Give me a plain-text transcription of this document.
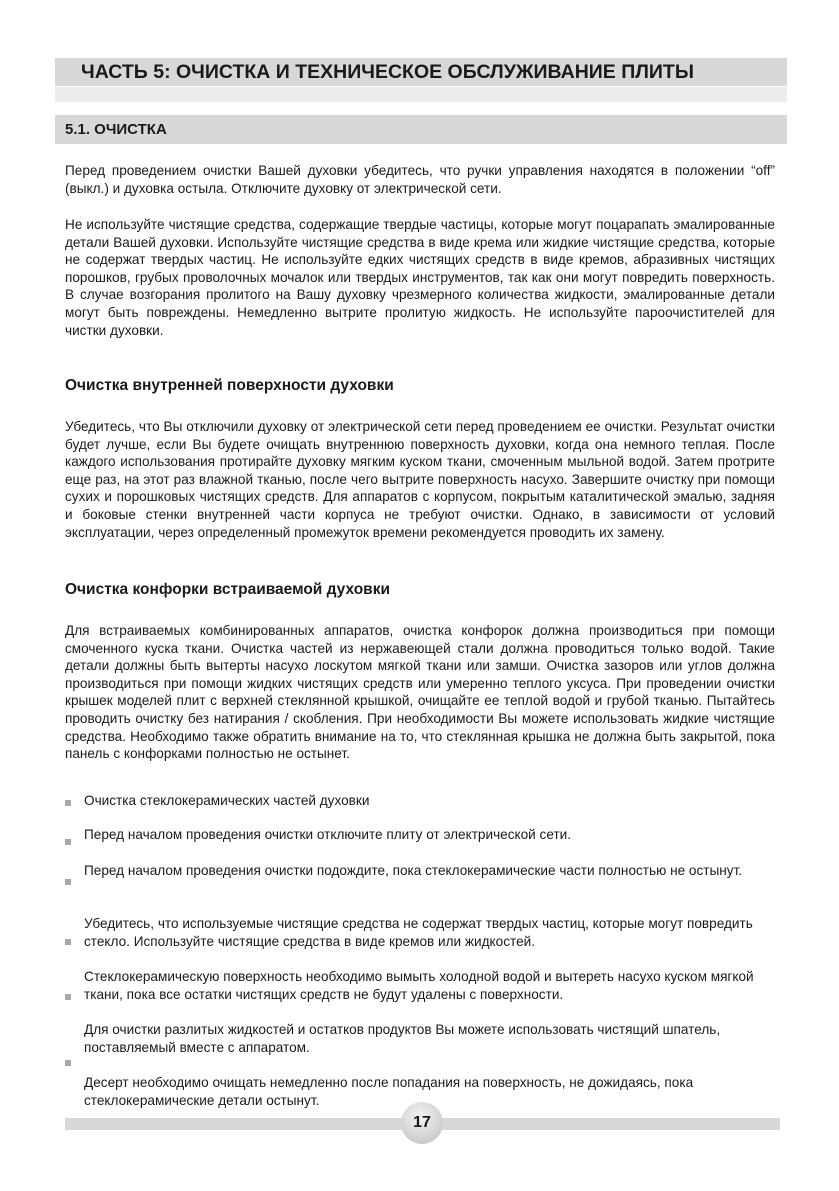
ЧАСТЬ 5: ОЧИСТКА И ТЕХНИЧЕСКОЕ ОБСЛУЖИВАНИЕ ПЛИТЫ
5.1. ОЧИСТКА

Перед проведением очистки Вашей духовки убедитесь, что ручки управления находятся в положении “off” (выкл.) и духовка остыла. Отключите духовку от электрической сети.

Не используйте чистящие средства, содержащие твердые частицы, которые могут поцарапать эмалированные детали Вашей духовки. Используйте чистящие средства в виде крема или жидкие чистящие средства, которые не содержат твердых частиц. Не используйте едких чистящих средств в виде кремов, абразивных чистящих порошков, грубых проволочных мочалок или твердых инструментов, так как они могут повредить поверхность. В случае возгорания пролитого на Вашу духовку чрезмерного количества жидкости, эмалированные детали могут быть повреждены. Немедленно вытрите пролитую жидкость. Не используйте пароочистителей для чистки духовки.

Очистка внутренней поверхности духовки

Убедитесь, что Вы отключили духовку от электрической сети перед проведением ее очистки. Результат очистки будет лучше, если Вы будете очищать внутреннюю поверхность духовки, когда она немного теплая. После каждого использования протирайте духовку мягким куском ткани, смоченным мыльной водой. Затем протрите еще раз, на этот раз влажной тканью, после чего вытрите поверхность насухо. Завершите очистку при помощи сухих и порошковых чистящих средств. Для аппаратов с корпусом, покрытым каталитической эмалью, задняя и боковые стенки внутренней части корпуса не требуют очистки. Однако, в зависимости от условий эксплуатации, через определенный промежуток времени рекомендуется проводить их замену.

Очистка конфорки встраиваемой духовки

Для встраиваемых комбинированных аппаратов, очистка конфорок должна производиться при помощи смоченного куска ткани. Очистка частей из нержавеющей стали должна проводиться только водой. Такие детали должны быть вытерты насухо лоскутом мягкой ткани или замши. Очистка зазоров или углов должна производиться при помощи жидких чистящих средств или умеренно теплого уксуса. При проведении очистки крышек моделей плит с верхней стеклянной крышкой, очищайте ее теплой водой и грубой тканью. Пытайтесь проводить очистку без натирания / скобления. При необходимости Вы можете использовать жидкие чистящие средства. Необходимо также обратить внимание на то, что стеклянная крышка не должна быть закрытой, пока панель с конфорками полностью не остынет.

Очистка стеклокерамических частей духовки
Перед началом проведения очистки отключите плиту от электрической сети.
Перед началом проведения очистки подождите, пока стеклокерамические части полностью не остынут.
Убедитесь, что используемые чистящие средства не содержат твердых частиц, которые могут повредить стекло. Используйте чистящие средства в виде кремов или жидкостей.
Стеклокерамическую поверхность необходимо вымыть холодной водой и вытереть насухо куском мягкой ткани, пока все остатки чистящих средств не будут удалены с поверхности.
Для очистки разлитых жидкостей и остатков продуктов Вы можете использовать чистящий шпатель, поставляемый вместе с аппаратом.
Десерт необходимо очищать немедленно после попадания на поверхность, не дожидаясь, пока стеклокерамические детали остынут.
17
